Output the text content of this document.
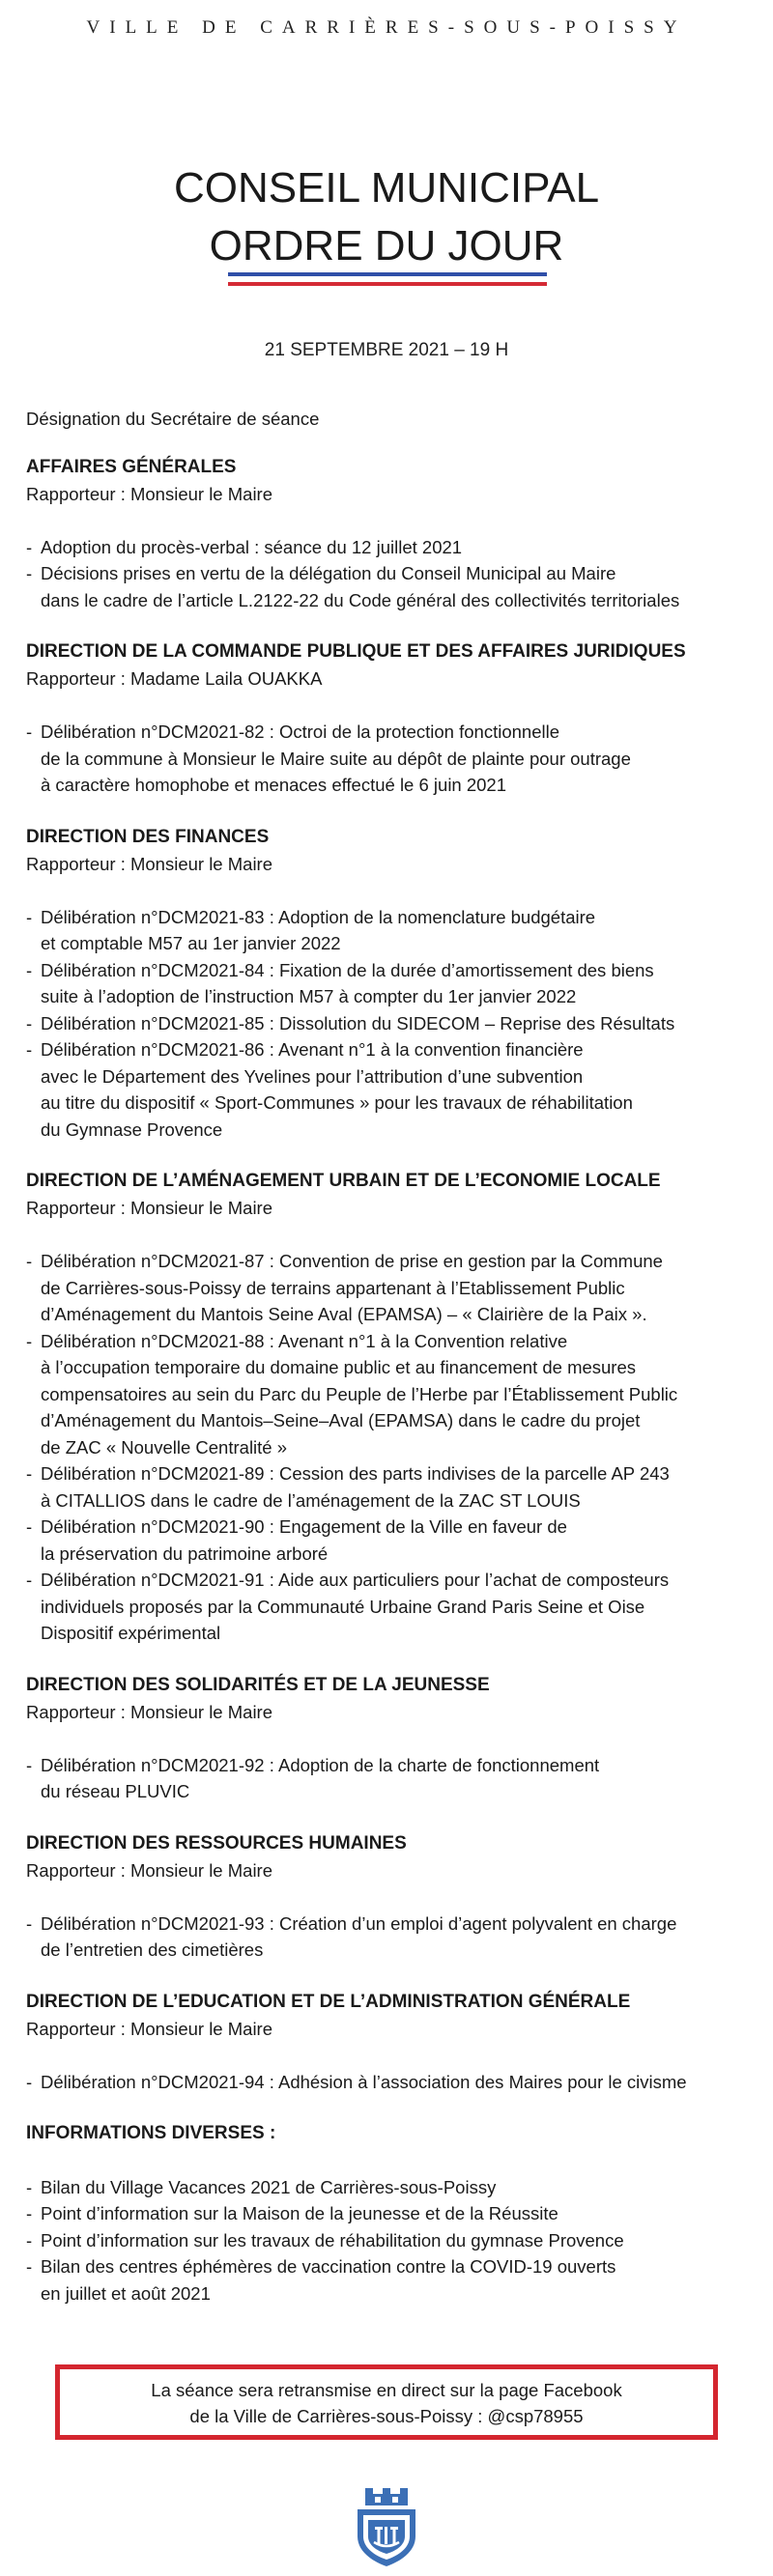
VILLE DE CARRIÈRES-SOUS-POISSY
CONSEIL MUNICIPAL
ORDRE DU JOUR
21 SEPTEMBRE 2021 – 19 H
Désignation du Secrétaire de séance
AFFAIRES GÉNÉRALES
Rapporteur : Monsieur le Maire
- Adoption du procès-verbal : séance du 12 juillet 2021
- Décisions prises en vertu de la délégation du Conseil Municipal au Maire
dans le cadre de l’article L.2122-22 du Code général des collectivités territoriales
DIRECTION DE LA COMMANDE PUBLIQUE ET DES AFFAIRES JURIDIQUES
Rapporteur : Madame Laila OUAKKA
- Délibération n°DCM2021-82 : Octroi de la protection fonctionnelle
de la commune à Monsieur le Maire suite au dépôt de plainte pour outrage
à caractère homophobe et menaces effectué le 6 juin 2021
DIRECTION DES FINANCES
Rapporteur : Monsieur le Maire
- Délibération n°DCM2021-83 : Adoption de la nomenclature budgétaire
et comptable M57 au 1er janvier 2022
- Délibération n°DCM2021-84 : Fixation de la durée d’amortissement des biens
suite à l’adoption de l’instruction M57 à compter du 1er janvier 2022
- Délibération n°DCM2021-85 : Dissolution du SIDECOM – Reprise des Résultats
- Délibération n°DCM2021-86 : Avenant n°1 à la convention financière
avec le Département des Yvelines pour l’attribution d’une subvention
au titre du dispositif « Sport-Communes » pour les travaux de réhabilitation
du Gymnase Provence
DIRECTION DE L’AMÉNAGEMENT URBAIN ET DE L’ECONOMIE LOCALE
Rapporteur : Monsieur le Maire
- Délibération n°DCM2021-87 : Convention de prise en gestion par la Commune
de Carrières-sous-Poissy de terrains appartenant à l’Etablissement Public
d’Aménagement du Mantois Seine Aval (EPAMSA) – « Clairière de la Paix ».
- Délibération n°DCM2021-88 : Avenant n°1 à la Convention relative
à l’occupation temporaire du domaine public et au financement de mesures
compensatoires au sein du Parc du Peuple de l’Herbe par l’Établissement Public
d’Aménagement du Mantois–Seine–Aval (EPAMSA) dans le cadre du projet
de ZAC « Nouvelle Centralité »
- Délibération n°DCM2021-89 : Cession des parts indivises de la parcelle AP 243
à CITALLIOS dans le cadre de l’aménagement de la ZAC ST LOUIS
- Délibération n°DCM2021-90 : Engagement de la Ville en faveur de
la préservation du patrimoine arboré
- Délibération n°DCM2021-91 : Aide aux particuliers pour l’achat de composteurs
individuels proposés par la Communauté Urbaine Grand Paris Seine et Oise
Dispositif expérimental
DIRECTION DES SOLIDARITÉS ET DE LA JEUNESSE
Rapporteur : Monsieur le Maire
- Délibération n°DCM2021-92 : Adoption de la charte de fonctionnement
du réseau PLUVIC
DIRECTION DES RESSOURCES HUMAINES
Rapporteur : Monsieur le Maire
- Délibération n°DCM2021-93 : Création d’un emploi d’agent polyvalent en charge
de l’entretien des cimetières
DIRECTION DE L’EDUCATION ET DE L’ADMINISTRATION GÉNÉRALE
Rapporteur : Monsieur le Maire
- Délibération n°DCM2021-94 : Adhésion à l’association des Maires pour le civisme
INFORMATIONS DIVERSES :
- Bilan du Village Vacances 2021 de Carrières-sous-Poissy
- Point d’information sur la Maison de la jeunesse et de la Réussite
- Point d’information sur les travaux de réhabilitation du gymnase Provence
- Bilan des centres éphémères de vaccination contre la COVID-19 ouverts
en juillet et août 2021
La séance sera retransmise en direct sur la page Facebook
de la Ville de Carrières-sous-Poissy : @csp78955
